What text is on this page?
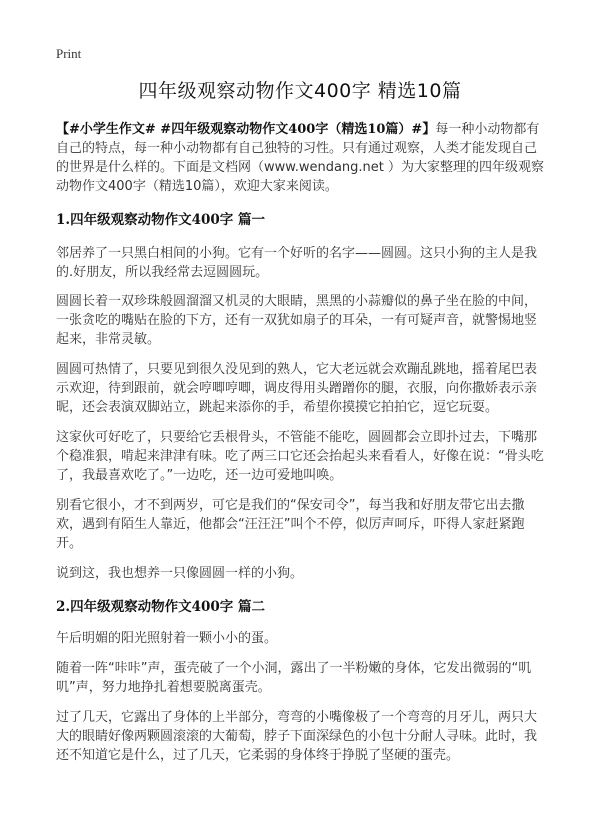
Print
四年级观察动物作文400字 精选10篇

【#小学生作文# #四年级观察动物作文400字（精选10篇）#】每一种小动物都有自己的特点，每一种小动物都有自己独特的习性。只有通过观察，人类才能发现自己的世界是什么样的。下面是文档网（www.wendang.net ）为大家整理的四年级观察动物作文400字（精选10篇），欢迎大家来阅读。

1.四年级观察动物作文400字 篇一

邻居养了一只黑白相间的小狗。它有一个好听的名字——圆圆。这只小狗的主人是我的.好朋友，所以我经常去逗圆圆玩。

圆圆长着一双珍珠般圆溜溜又机灵的大眼睛，黑黑的小蒜瓣似的鼻子坐在脸的中间，一张贪吃的嘴贴在脸的下方，还有一双犹如扇子的耳朵，一有可疑声音，就警惕地竖起来，非常灵敏。

圆圆可热情了，只要见到很久没见到的熟人，它大老远就会欢蹦乱跳地，摇着尾巴表示欢迎，待到跟前，就会哼唧哼唧，调皮得用头蹭蹭你的腿，衣服，向你撒娇表示亲昵，还会表演双脚站立，跳起来添你的手，希望你摸摸它拍拍它，逗它玩耍。

这家伙可好吃了，只要给它丢根骨头，不管能不能吃，圆圆都会立即扑过去，下嘴那个稳准狠，啃起来津津有味。吃了两三口它还会抬起头来看看人，好像在说：“骨头吃了，我最喜欢吃了。”一边吃，还一边可爱地叫唤。

别看它很小，才不到两岁，可它是我们的“保安司令”，每当我和好朋友带它出去撒欢，遇到有陌生人靠近，他都会“汪汪汪”叫个不停，似厉声呵斥，吓得人家赶紧跑开。

说到这，我也想养一只像圆圆一样的小狗。

2.四年级观察动物作文400字 篇二

午后明媚的阳光照射着一颗小小的蛋。

随着一阵“咔咔”声，蛋壳破了一个小洞，露出了一半粉嫩的身体，它发出微弱的“叽叽”声，努力地挣扎着想要脱离蛋壳。

过了几天，它露出了身体的上半部分，弯弯的小嘴像极了一个弯弯的月牙儿，两只大大的眼睛好像两颗圆滚滚的大葡萄，脖子下面深绿色的小包十分耐人寻味。此时，我还不知道它是什么，过了几天，它柔弱的身体终于挣脱了坚硬的蛋壳。
